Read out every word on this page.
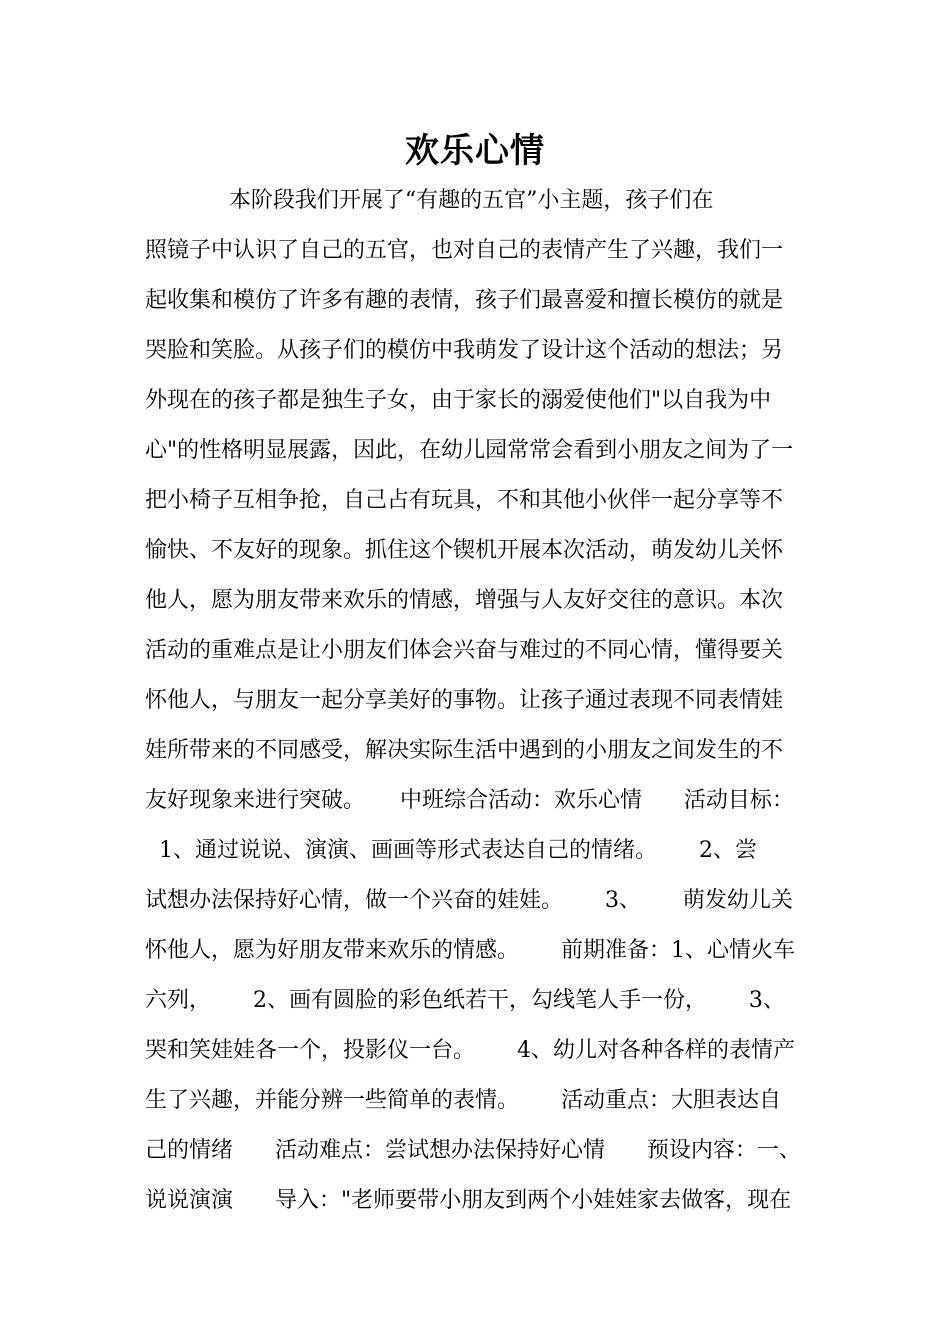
欢乐心情

本阶段我们开展了“有趣的五官”小主题，孩子们在

照镜子中认识了自己的五官，也对自己的表情产生了兴趣，我们一

起收集和模仿了许多有趣的表情，孩子们最喜爱和擅长模仿的就是

哭脸和笑脸。从孩子们的模仿中我萌发了设计这个活动的想法；另

外现在的孩子都是独生子女，由于家长的溺爱使他们"以自我为中

心"的性格明显展露，因此，在幼儿园常常会看到小朋友之间为了一

把小椅子互相争抢，自己占有玩具，不和其他小伙伴一起分享等不

愉快、不友好的现象。抓住这个锲机开展本次活动，萌发幼儿关怀

他人，愿为朋友带来欢乐的情感，增强与人友好交往的意识。本次

活动的重难点是让小朋友们体会兴奋与难过的不同心情，懂得要关

怀他人，与朋友一起分享美好的事物。让孩子通过表现不同表情娃

娃所带来的不同感受，解决实际生活中遇到的小朋友之间发生的不

友好现象来进行突破。     中班综合活动：欢乐心情      活动目标：

1、通过说说、演演、画画等形式表达自己的情绪。      2、尝

试想办法保持好心情，做一个兴奋的娃娃。      3、      萌发幼儿关

怀他人，愿为好朋友带来欢乐的情感。      前期准备：1、心情火车

六列，      2、画有圆脸的彩色纸若干，勾线笔人手一份，      3、

哭和笑娃娃各一个，投影仪一台。      4、幼儿对各种各样的表情产

生了兴趣，并能分辨一些简单的表情。      活动重点：大胆表达自

己的情绪      活动难点：尝试想办法保持好心情      预设内容：一、

说说演演      导入："老师要带小朋友到两个小娃娃家去做客，现在
